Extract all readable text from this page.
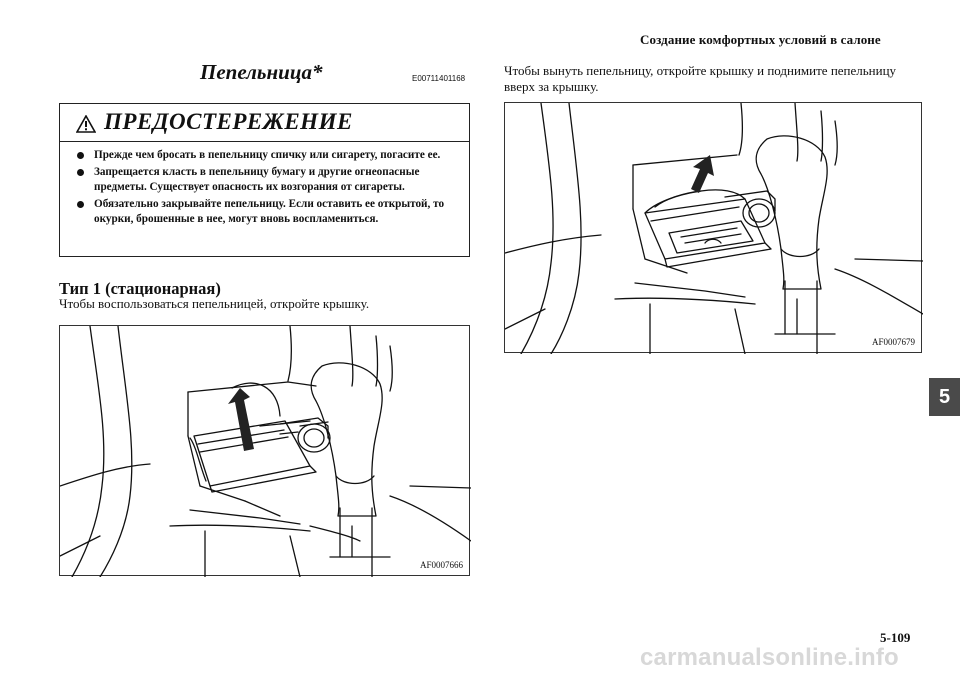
Создание комфортных условий в салоне
Пепельница*	E00711401168
ПРЕДОСТЕРЕЖЕНИЕ
Прежде чем бросать в пепельницу спичку или сигарету, погасите ее.
Запрещается класть в пепельницу бумагу и другие огнеопасные предметы. Существует опасность их возгорания от сигареты.
Обязательно закрывайте пепельницу. Если оставить ее открытой, то окурки, брошенные в нее, могут вновь воспламениться.
Тип 1 (стационарная)
Чтобы воспользоваться пепельницей, откройте крышку.
AF0007666
Чтобы вынуть пепельницу, откройте крышку и поднимите пепельницу вверх за крышку.
AF0007679
5
5-109
carmanualsonline.info
